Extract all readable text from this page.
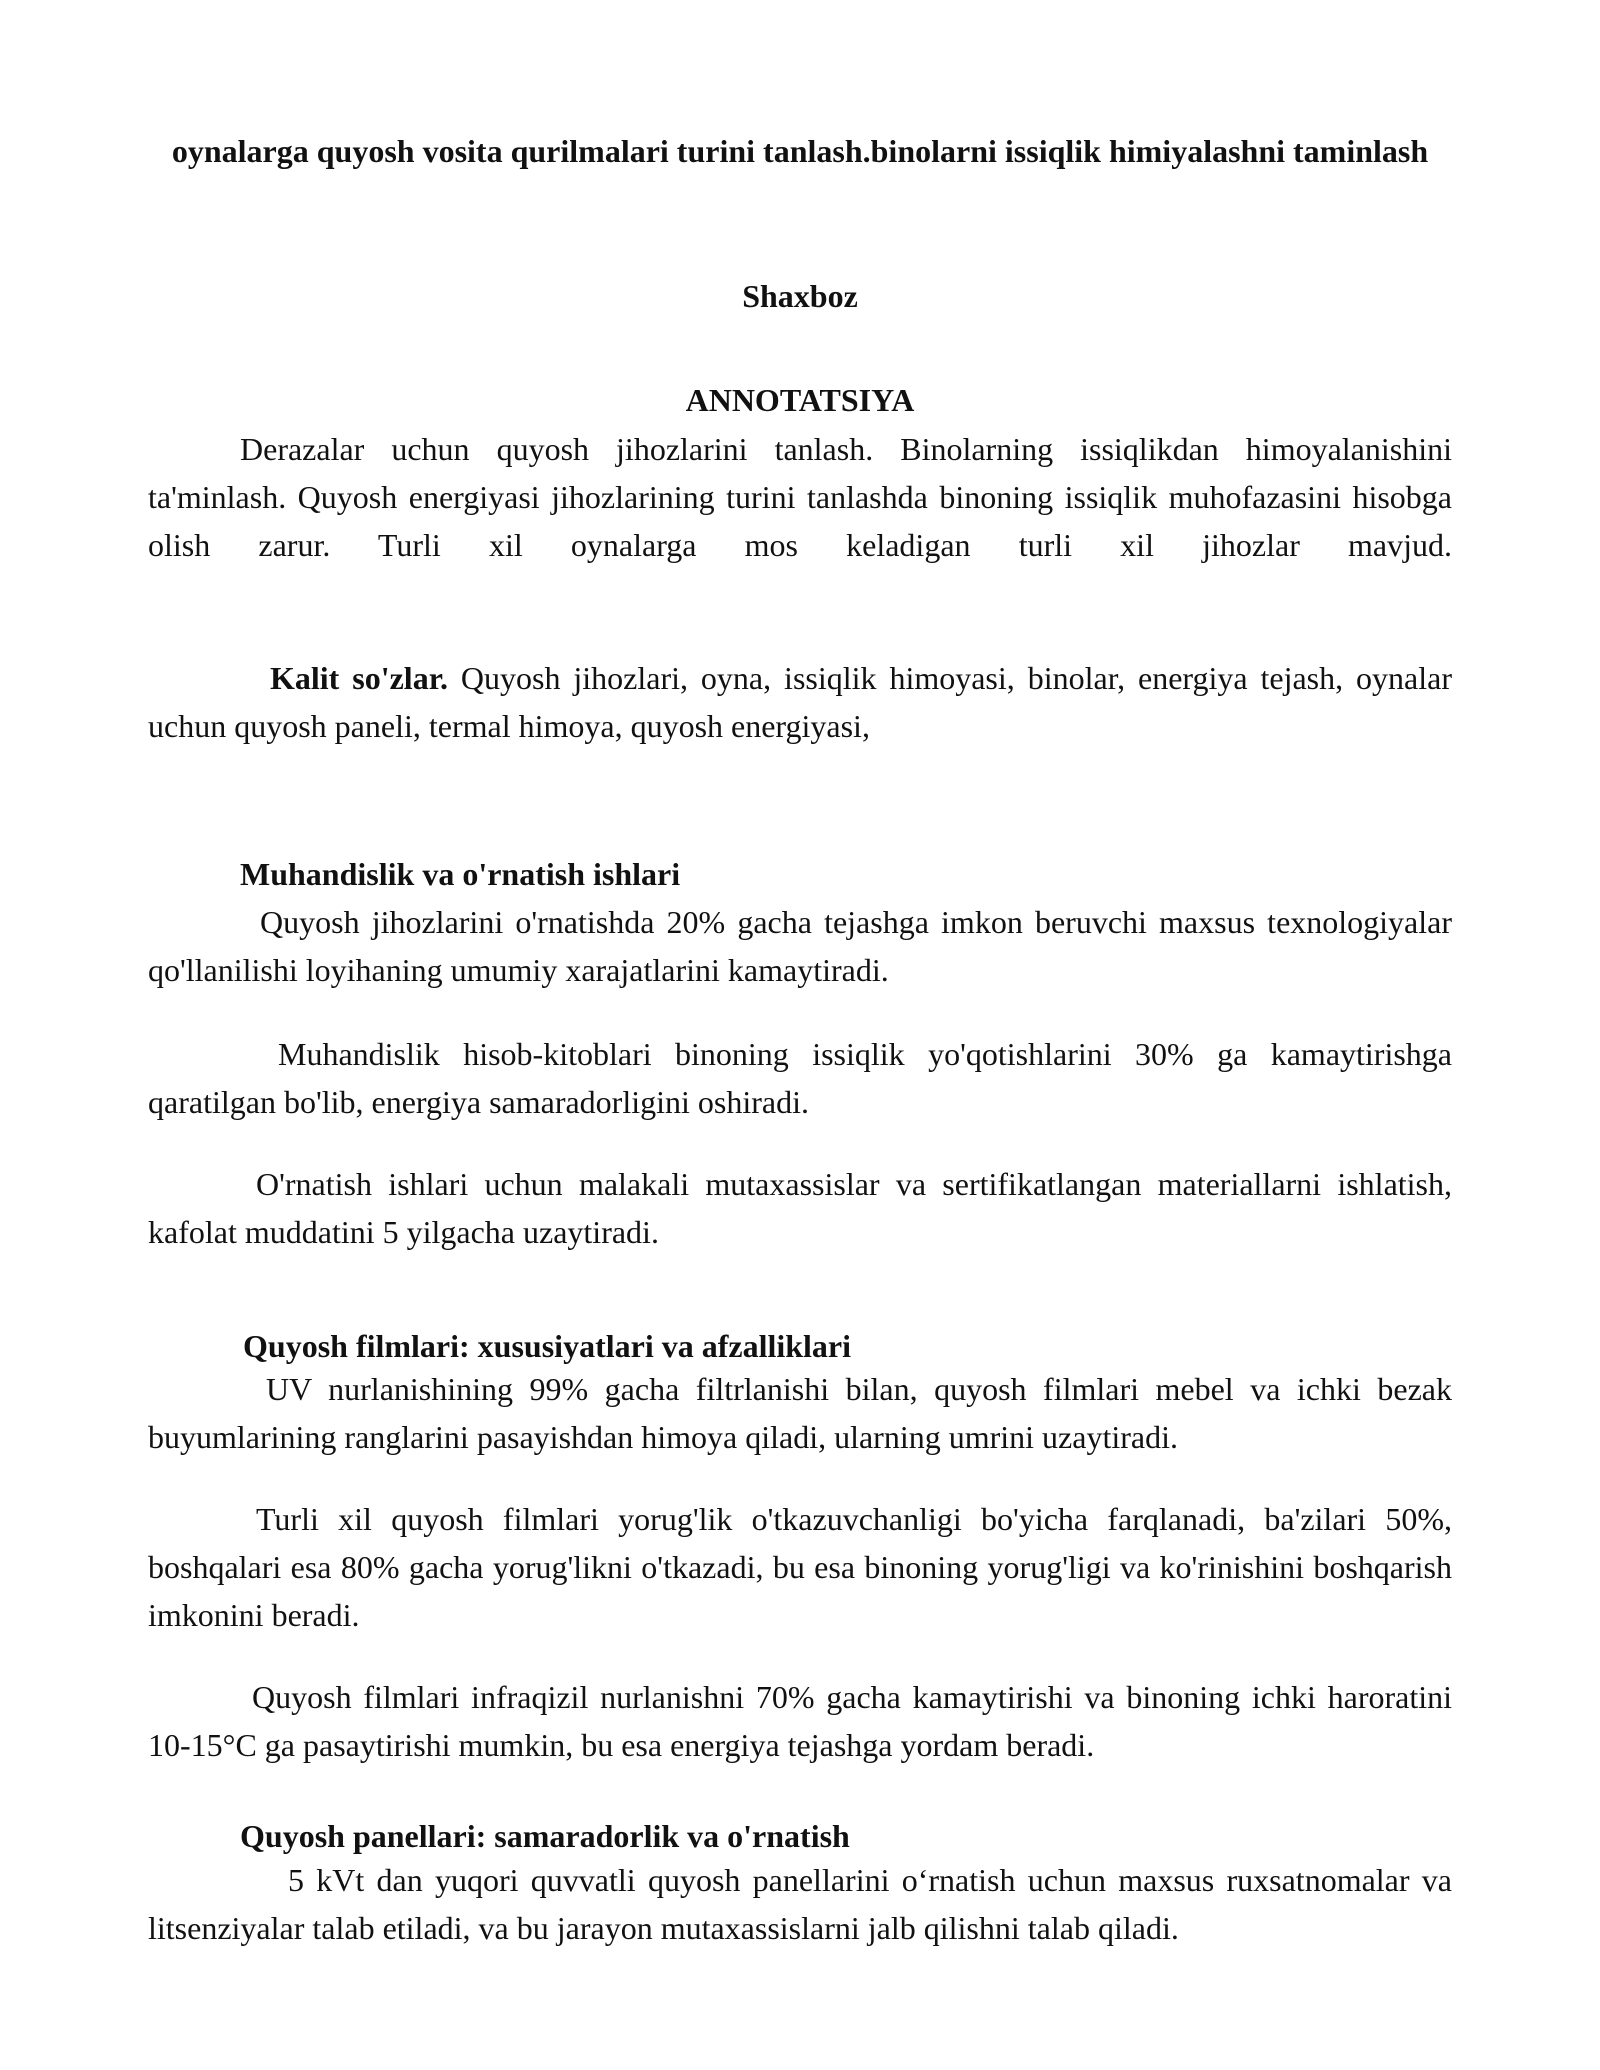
oynalarga quyosh vosita qurilmalari turini tanlash.binolarni issiqlik himiyalashni taminlash
Shaxboz
ANNOTATSIYA

Derazalar uchun quyosh jihozlarini tanlash. Binolarning issiqlikdan himoyalanishini ta'minlash. Quyosh energiyasi jihozlarining turini tanlashda binoning issiqlik muhofazasini hisobga olish zarur. Turli xil oynalarga mos keladigan turli xil jihozlar mavjud.

Kalit so'zlar. Quyosh jihozlari, oyna, issiqlik himoyasi, binolar, energiya tejash, oynalar uchun quyosh paneli, termal himoya, quyosh energiyasi,

Muhandislik va o'rnatish ishlari

Quyosh jihozlarini o'rnatishda 20% gacha tejashga imkon beruvchi maxsus texnologiyalar qo'llanilishi loyihaning umumiy xarajatlarini kamaytiradi.

Muhandislik hisob-kitoblari binoning issiqlik yo'qotishlarini 30% ga kamaytirishga qaratilgan bo'lib, energiya samaradorligini oshiradi.

O'rnatish ishlari uchun malakali mutaxassislar va sertifikatlangan materiallarni ishlatish, kafolat muddatini 5 yilgacha uzaytiradi.

Quyosh filmlari: xususiyatlari va afzalliklari

UV nurlanishining 99% gacha filtrlanishi bilan, quyosh filmlari mebel va ichki bezak buyumlarining ranglarini pasayishdan himoya qiladi, ularning umrini uzaytiradi.

Turli xil quyosh filmlari yorug'lik o'tkazuvchanligi bo'yicha farqlanadi, ba'zilari 50%, boshqalari esa 80% gacha yorug'likni o'tkazadi, bu esa binoning yorug'ligi va ko'rinishini boshqarish imkonini beradi.

Quyosh filmlari infraqizil nurlanishni 70% gacha kamaytirishi va binoning ichki haroratini 10-15°C ga pasaytirishi mumkin, bu esa energiya tejashga yordam beradi.

Quyosh panellari: samaradorlik va o'rnatish

5 kVt dan yuqori quvvatli quyosh panellarini o‘rnatish uchun maxsus ruxsatnomalar va litsenziyalar talab etiladi, va bu jarayon mutaxassislarni jalb qilishni talab qiladi.
